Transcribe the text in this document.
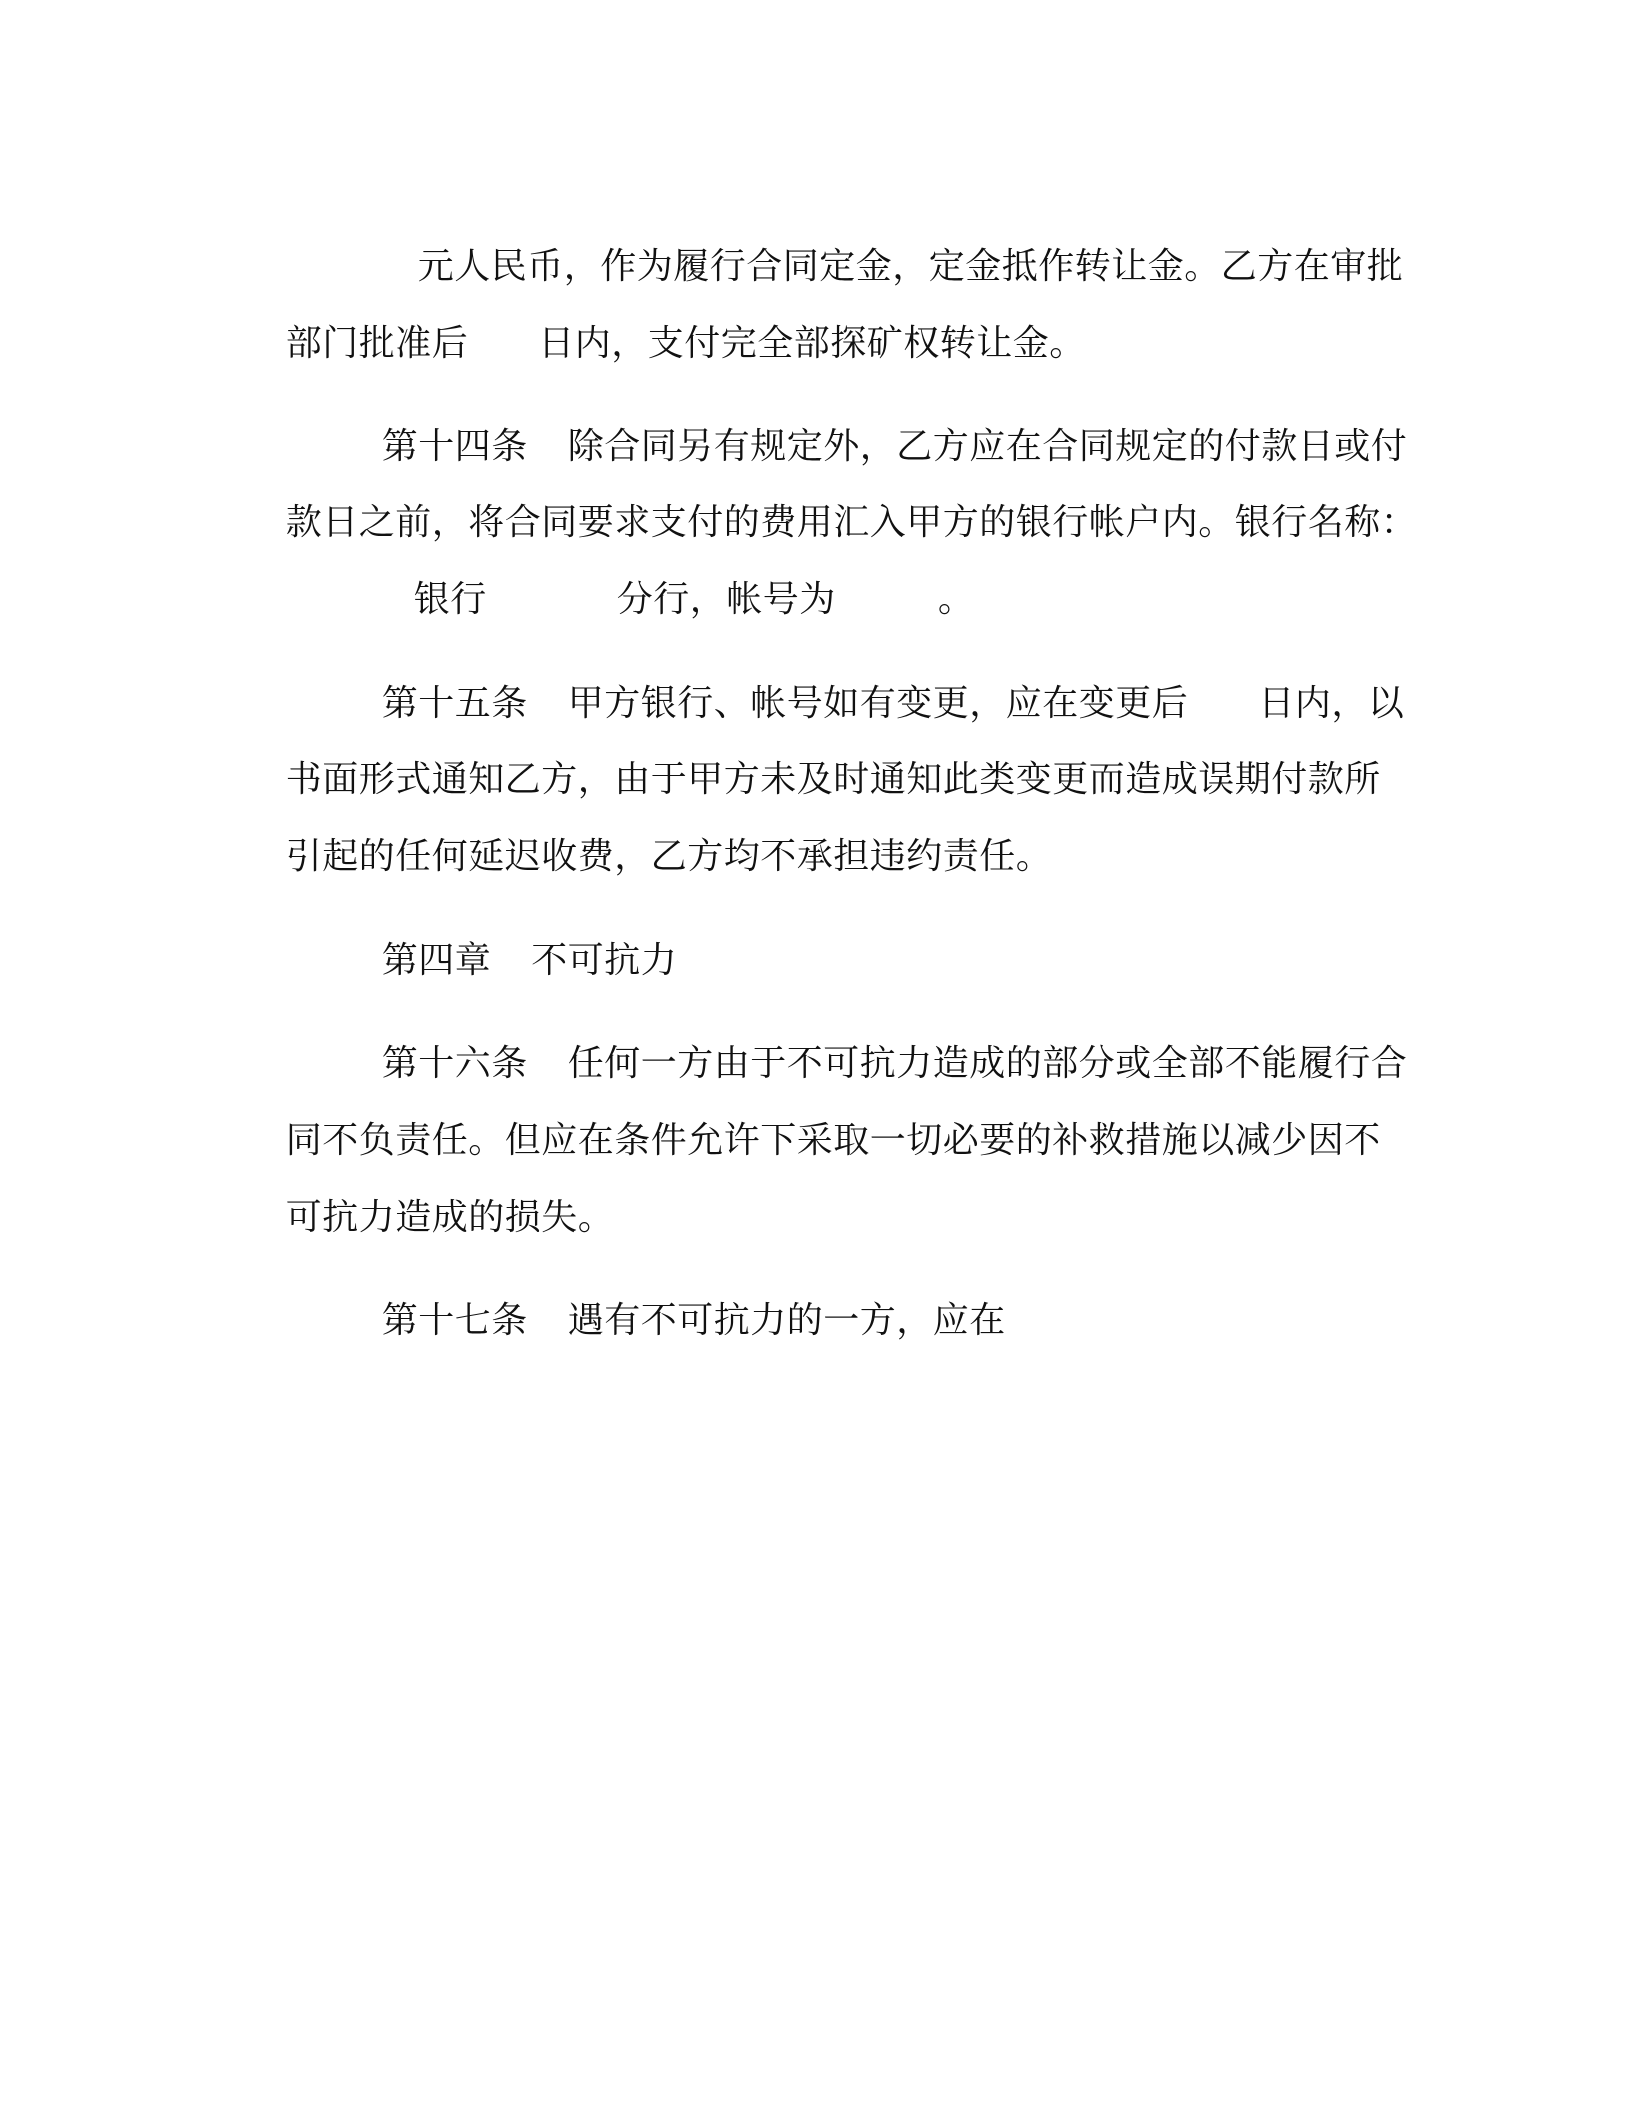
元人民币，作为履行合同定金，定金抵作转让金。乙方在审批

部门批准后 日内，支付完全部探矿权转让金。

第十四条 除合同另有规定外，乙方应在合同规定的付款日或付

款日之前，将合同要求支付的费用汇入甲方的银行帐户内。银行名称：

银行	分行，帐号为	。

第十五条 甲方银行、帐号如有变更，应在变更后 日内，以

书面形式通知乙方，由于甲方未及时通知此类变更而造成误期付款所

引起的任何延迟收费，乙方均不承担违约责任。

第四章 不可抗力

第十六条 任何一方由于不可抗力造成的部分或全部不能履行合

同不负责任。但应在条件允许下采取一切必要的补救措施以减少因不

可抗力造成的损失。

第十七条 遇有不可抗力的一方，应在
